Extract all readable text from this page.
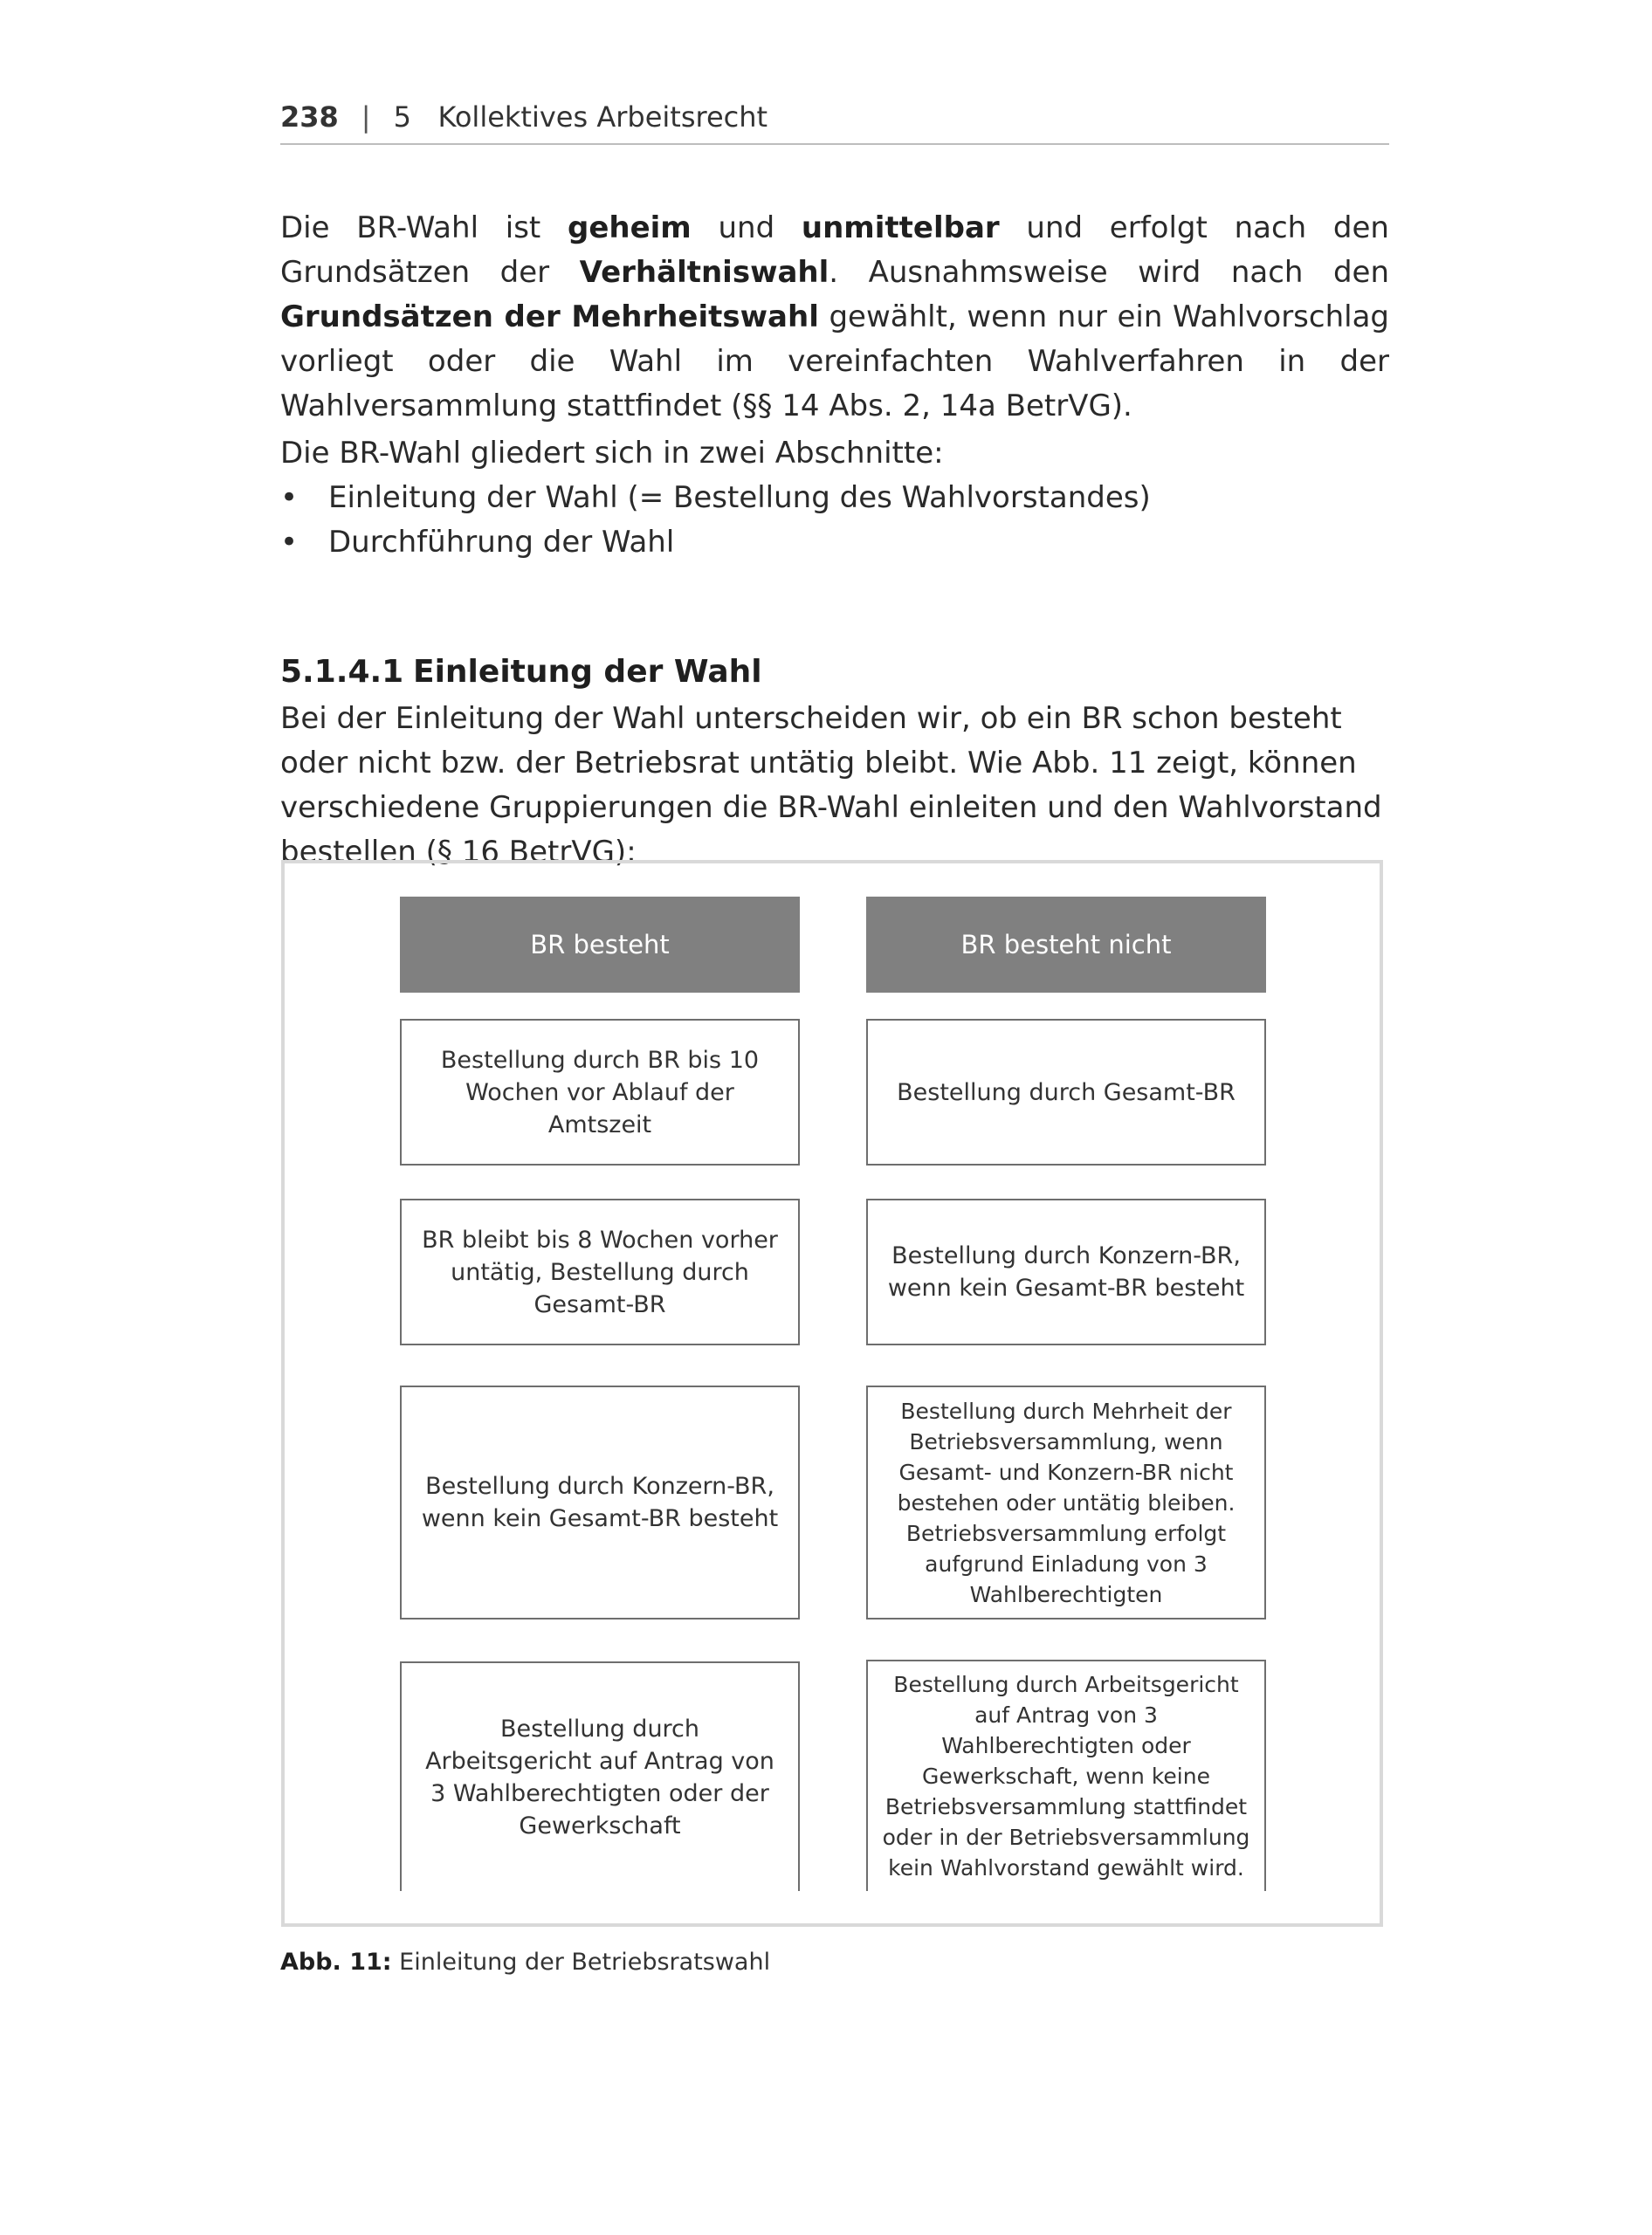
238 | 5 Kollektives Arbeitsrecht

Die BR-Wahl ist geheim und unmittelbar und erfolgt nach den Grundsätzen der Verhältniswahl. Ausnahmsweise wird nach den Grundsätzen der Mehrheitswahl gewählt, wenn nur ein Wahlvorschlag vorliegt oder die Wahl im vereinfachten Wahlverfahren in der Wahlversammlung stattfindet (§§ 14 Abs. 2, 14a BetrVG).

Die BR-Wahl gliedert sich in zwei Abschnitte:

• Einleitung der Wahl (= Bestellung des Wahlvorstandes)
• Durchführung der Wahl
5.1.4.1 Einleitung der Wahl

Bei der Einleitung der Wahl unterscheiden wir, ob ein BR schon besteht oder nicht bzw. der Betriebsrat untätig bleibt. Wie Abb. 11 zeigt, können verschiedene Gruppierungen die BR-Wahl einleiten und den Wahlvorstand bestellen (§ 16 BetrVG):

BR besteht	BR besteht nicht
Bestellung durch BR bis 10 Wochen vor Ablauf der Amtszeit
BR bleibt bis 8 Wochen vorher untätig, Bestellung durch Gesamt-BR
Bestellung durch Konzern-BR, wenn kein Gesamt-BR besteht
Bestellung durch Arbeitsgericht auf Antrag von 3 Wahlberechtigten oder der Gewerkschaft
Bestellung durch Gesamt-BR
Bestellung durch Konzern-BR, wenn kein Gesamt-BR besteht
Bestellung durch Mehrheit der Betriebsversammlung, wenn Gesamt- und Konzern-BR nicht bestehen oder untätig bleiben. Betriebsversammlung erfolgt aufgrund Einladung von 3 Wahlberechtigten
Bestellung durch Arbeitsgericht auf Antrag von 3 Wahlberechtigten oder Gewerkschaft, wenn keine Betriebsversammlung stattfindet oder in der Betriebsversammlung kein Wahlvorstand gewählt wird.
Abb. 11: Einleitung der Betriebsratswahl
